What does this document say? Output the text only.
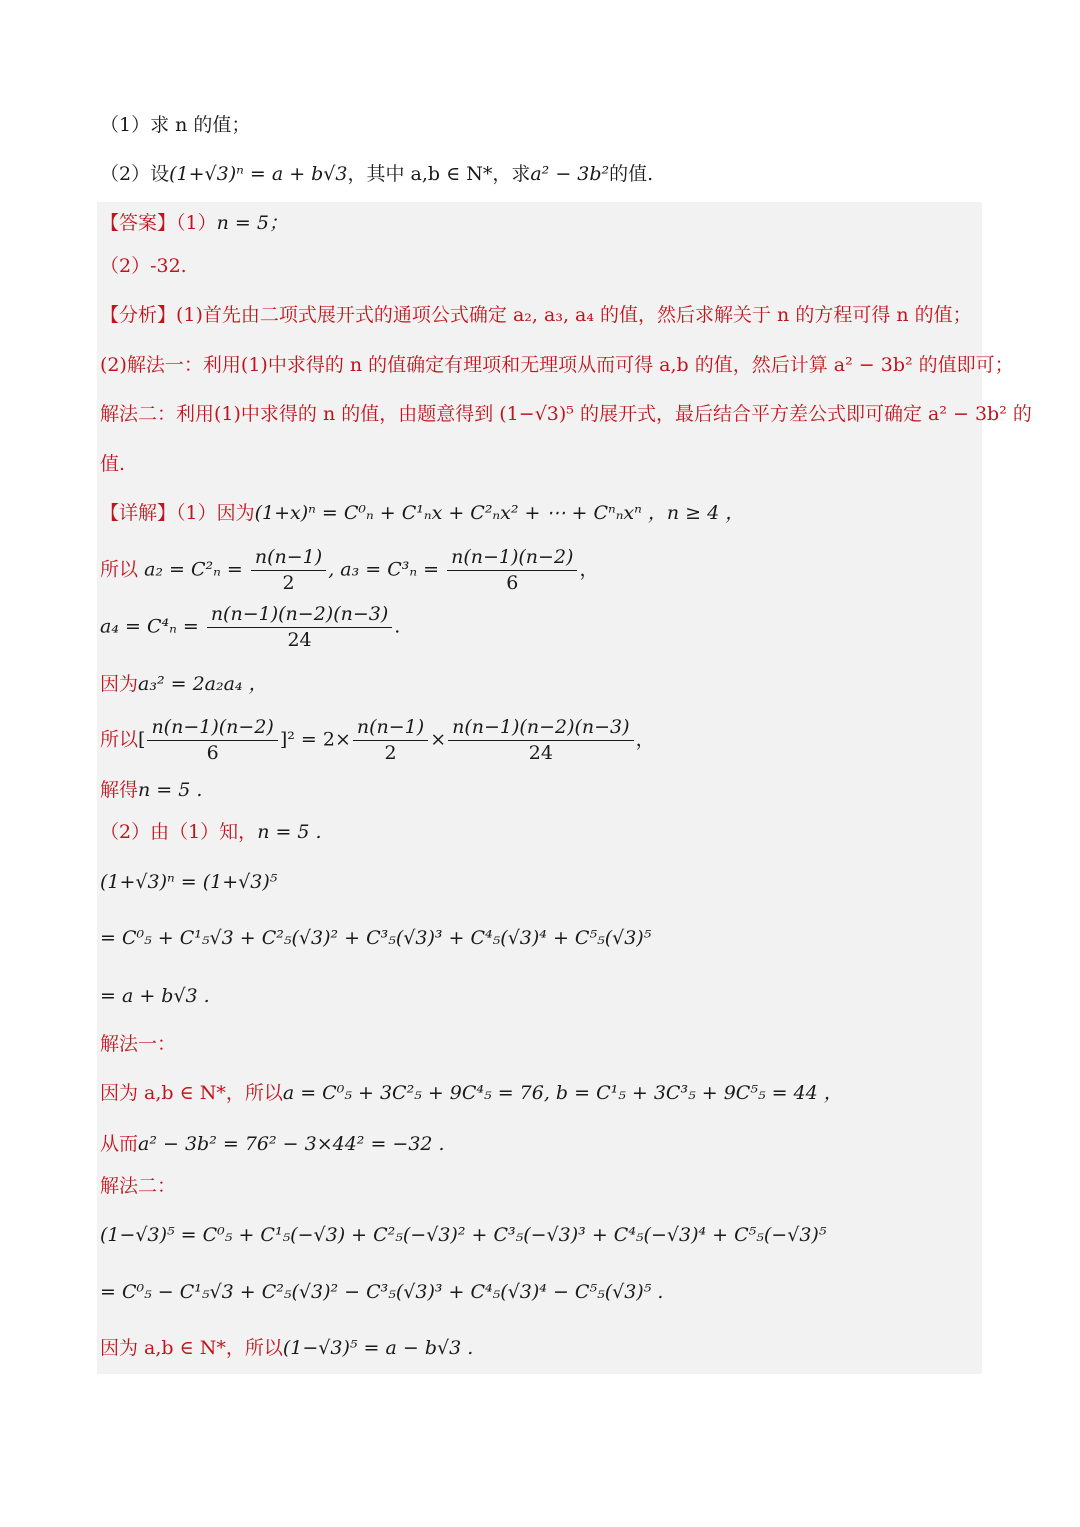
（1）求 n 的值；
（2）设(1+√3)ⁿ = a + b√3，其中 a,b ∈ N*，求a² − 3b²的值.
【答案】（1）n = 5；
（2）-32.
【分析】(1)首先由二项式展开式的通项公式确定 a₂, a₃, a₄ 的值，然后求解关于 n 的方程可得 n 的值；
(2)解法一：利用(1)中求得的 n 的值确定有理项和无理项从而可得 a,b 的值，然后计算 a² − 3b² 的值即可；
解法二：利用(1)中求得的 n 的值，由题意得到 (1−√3)⁵ 的展开式，最后结合平方差公式即可确定 a² − 3b² 的
值.
【详解】（1）因为(1+x)ⁿ = C⁰ₙ + C¹ₙx + C²ₙx² + ⋯ + Cⁿₙxⁿ ，n ≥ 4 ，
所以 $a_2 = C^2_n = \frac{n(n-1)}{2}$ , $a_3 = C^3_n = \frac{n(n-1)(n-2)}{6}$ ，
$a_4 = C^4_n = \frac{n(n-1)(n-2)(n-3)}{24}$ .
因为a₃² = 2a₂a₄ ，
所以[ $\frac{n(n-1)(n-2)}{6} ]^2 = 2\times \frac{n(n-1)}{2} \times \frac{n(n-1)(n-2)(n-3)}{24}$ ，
解得n = 5 .
（2）由（1）知，n = 5 .
(1+√3)ⁿ = (1+√3)⁵
= C⁰₅ + C¹₅√3 + C²₅(√3)² + C³₅(√3)³ + C⁴₅(√3)⁴ + C⁵₅(√3)⁵
= a + b√3 .
解法一：
因为 a,b ∈ N*，所以a = C⁰₅ + 3C²₅ + 9C⁴₅ = 76, b = C¹₅ + 3C³₅ + 9C⁵₅ = 44 ，
从而a² − 3b² = 76² − 3×44² = −32 .
解法二：
(1−√3)⁵ = C⁰₅ + C¹₅(−√3) + C²₅(−√3)² + C³₅(−√3)³ + C⁴₅(−√3)⁴ + C⁵₅(−√3)⁵
= C⁰₅ − C¹₅√3 + C²₅(√3)² − C³₅(√3)³ + C⁴₅(√3)⁴ − C⁵₅(√3)⁵ .
因为 a,b ∈ N*，所以(1−√3)⁵ = a − b√3 .
